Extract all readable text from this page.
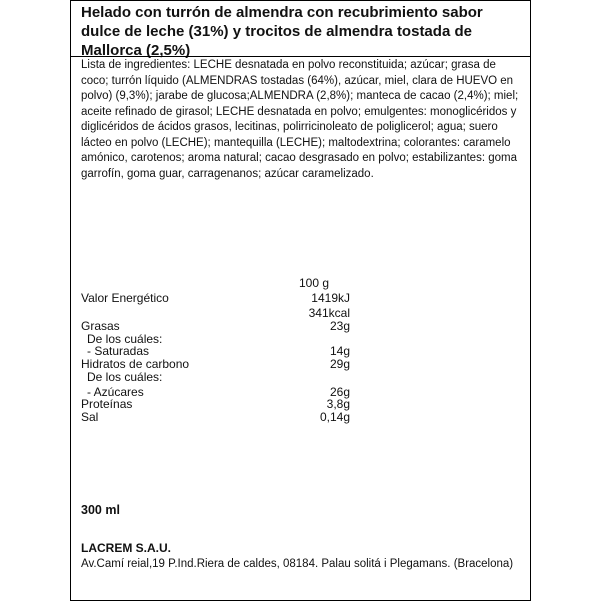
Helado con turrón de almendra con recubrimiento sabor dulce de leche (31%) y trocitos de almendra tostada de Mallorca (2,5%)
Lista de ingredientes: LECHE desnatada en polvo reconstituida; azúcar; grasa de coco; turrón líquido (ALMENDRAS tostadas (64%), azúcar, miel, clara de HUEVO en polvo) (9,3%); jarabe de glucosa;ALMENDRA (2,8%); manteca de cacao (2,4%); miel; aceite refinado de girasol; LECHE desnatada en polvo; emulgentes: monoglicéridos y diglicéridos de ácidos grasos, lecitinas, polirricinoleato de poliglicerol; agua; suero lácteo en polvo (LECHE); mantequilla (LECHE); maltodextrina; colorantes: caramelo amónico, carotenos; aroma natural; cacao desgrasado en polvo; estabilizantes: goma garrofín, goma guar, carragenanos; azúcar caramelizado.
100 g
Valor Energético	1419kJ
341kcal
Grasas	23g
De los cuáles:
- Saturadas	14g
Hidratos de carbono	29g
De los cuáles:
- Azúcares	26g
Proteínas	3,8g
Sal	0,14g
300 ml
LACREM S.A.U.
Av.Camí reial,19 P.Ind.Riera de caldes, 08184. Palau solitá i Plegamans. (Bracelona)
